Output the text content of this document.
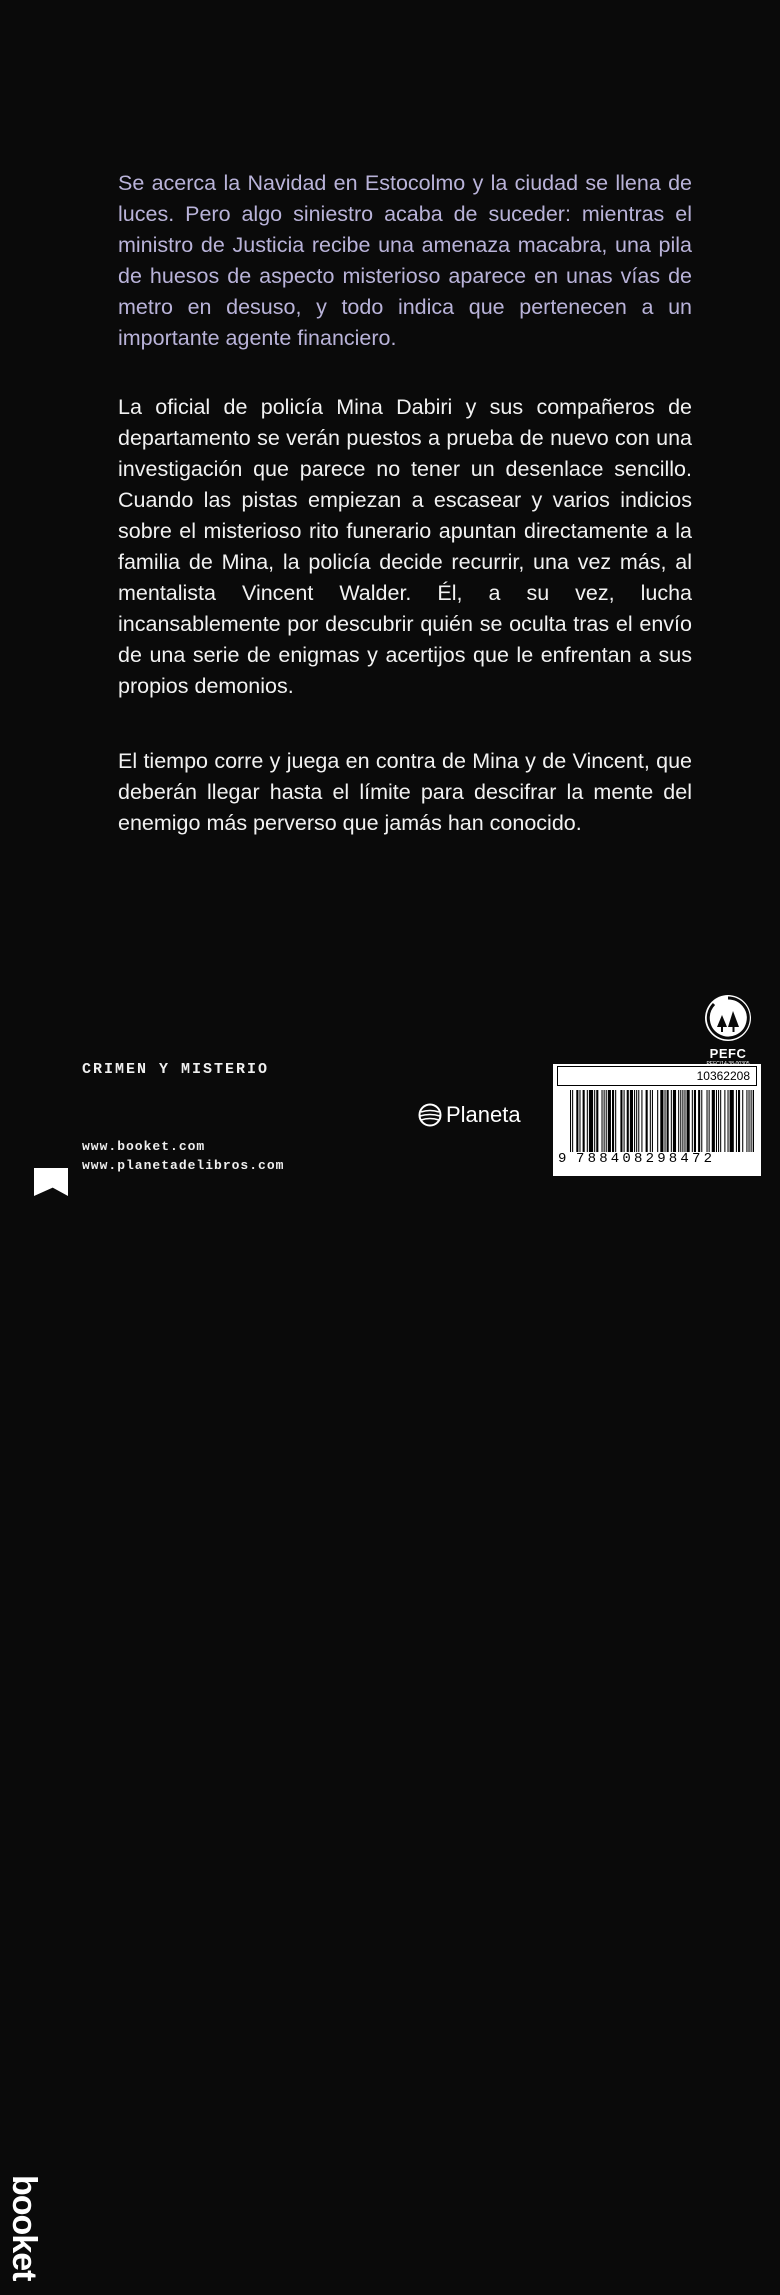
Se acerca la Navidad en Estocolmo y la ciudad se llena de luces. Pero algo siniestro acaba de suceder: mientras el ministro de Justicia recibe una amenaza macabra, una pila de huesos de aspecto misterioso aparece en unas vías de metro en desuso, y todo indica que pertenecen a un importante agente financiero.
La oficial de policía Mina Dabiri y sus compañeros de departamento se verán puestos a prueba de nuevo con una investigación que parece no tener un desenlace sencillo. Cuando las pistas empiezan a escasear y varios indicios sobre el misterioso rito funerario apuntan directamente a la familia de Mina, la policía decide recurrir, una vez más, al mentalista Vincent Walder. Él, a su vez, lucha incansablemente por descubrir quién se oculta tras el envío de una serie de enigmas y acertijos que le enfrentan a sus propios demonios.
El tiempo corre y juega en contra de Mina y de Vincent, que deberán llegar hasta el límite para descifrar la mente del enemigo más perverso que jamás han conocido.
PEFC
CRIMEN Y MISTERIO
www.booket.com
www.planetadelibros.com
booket
Planeta
10362208
9 788408298472
